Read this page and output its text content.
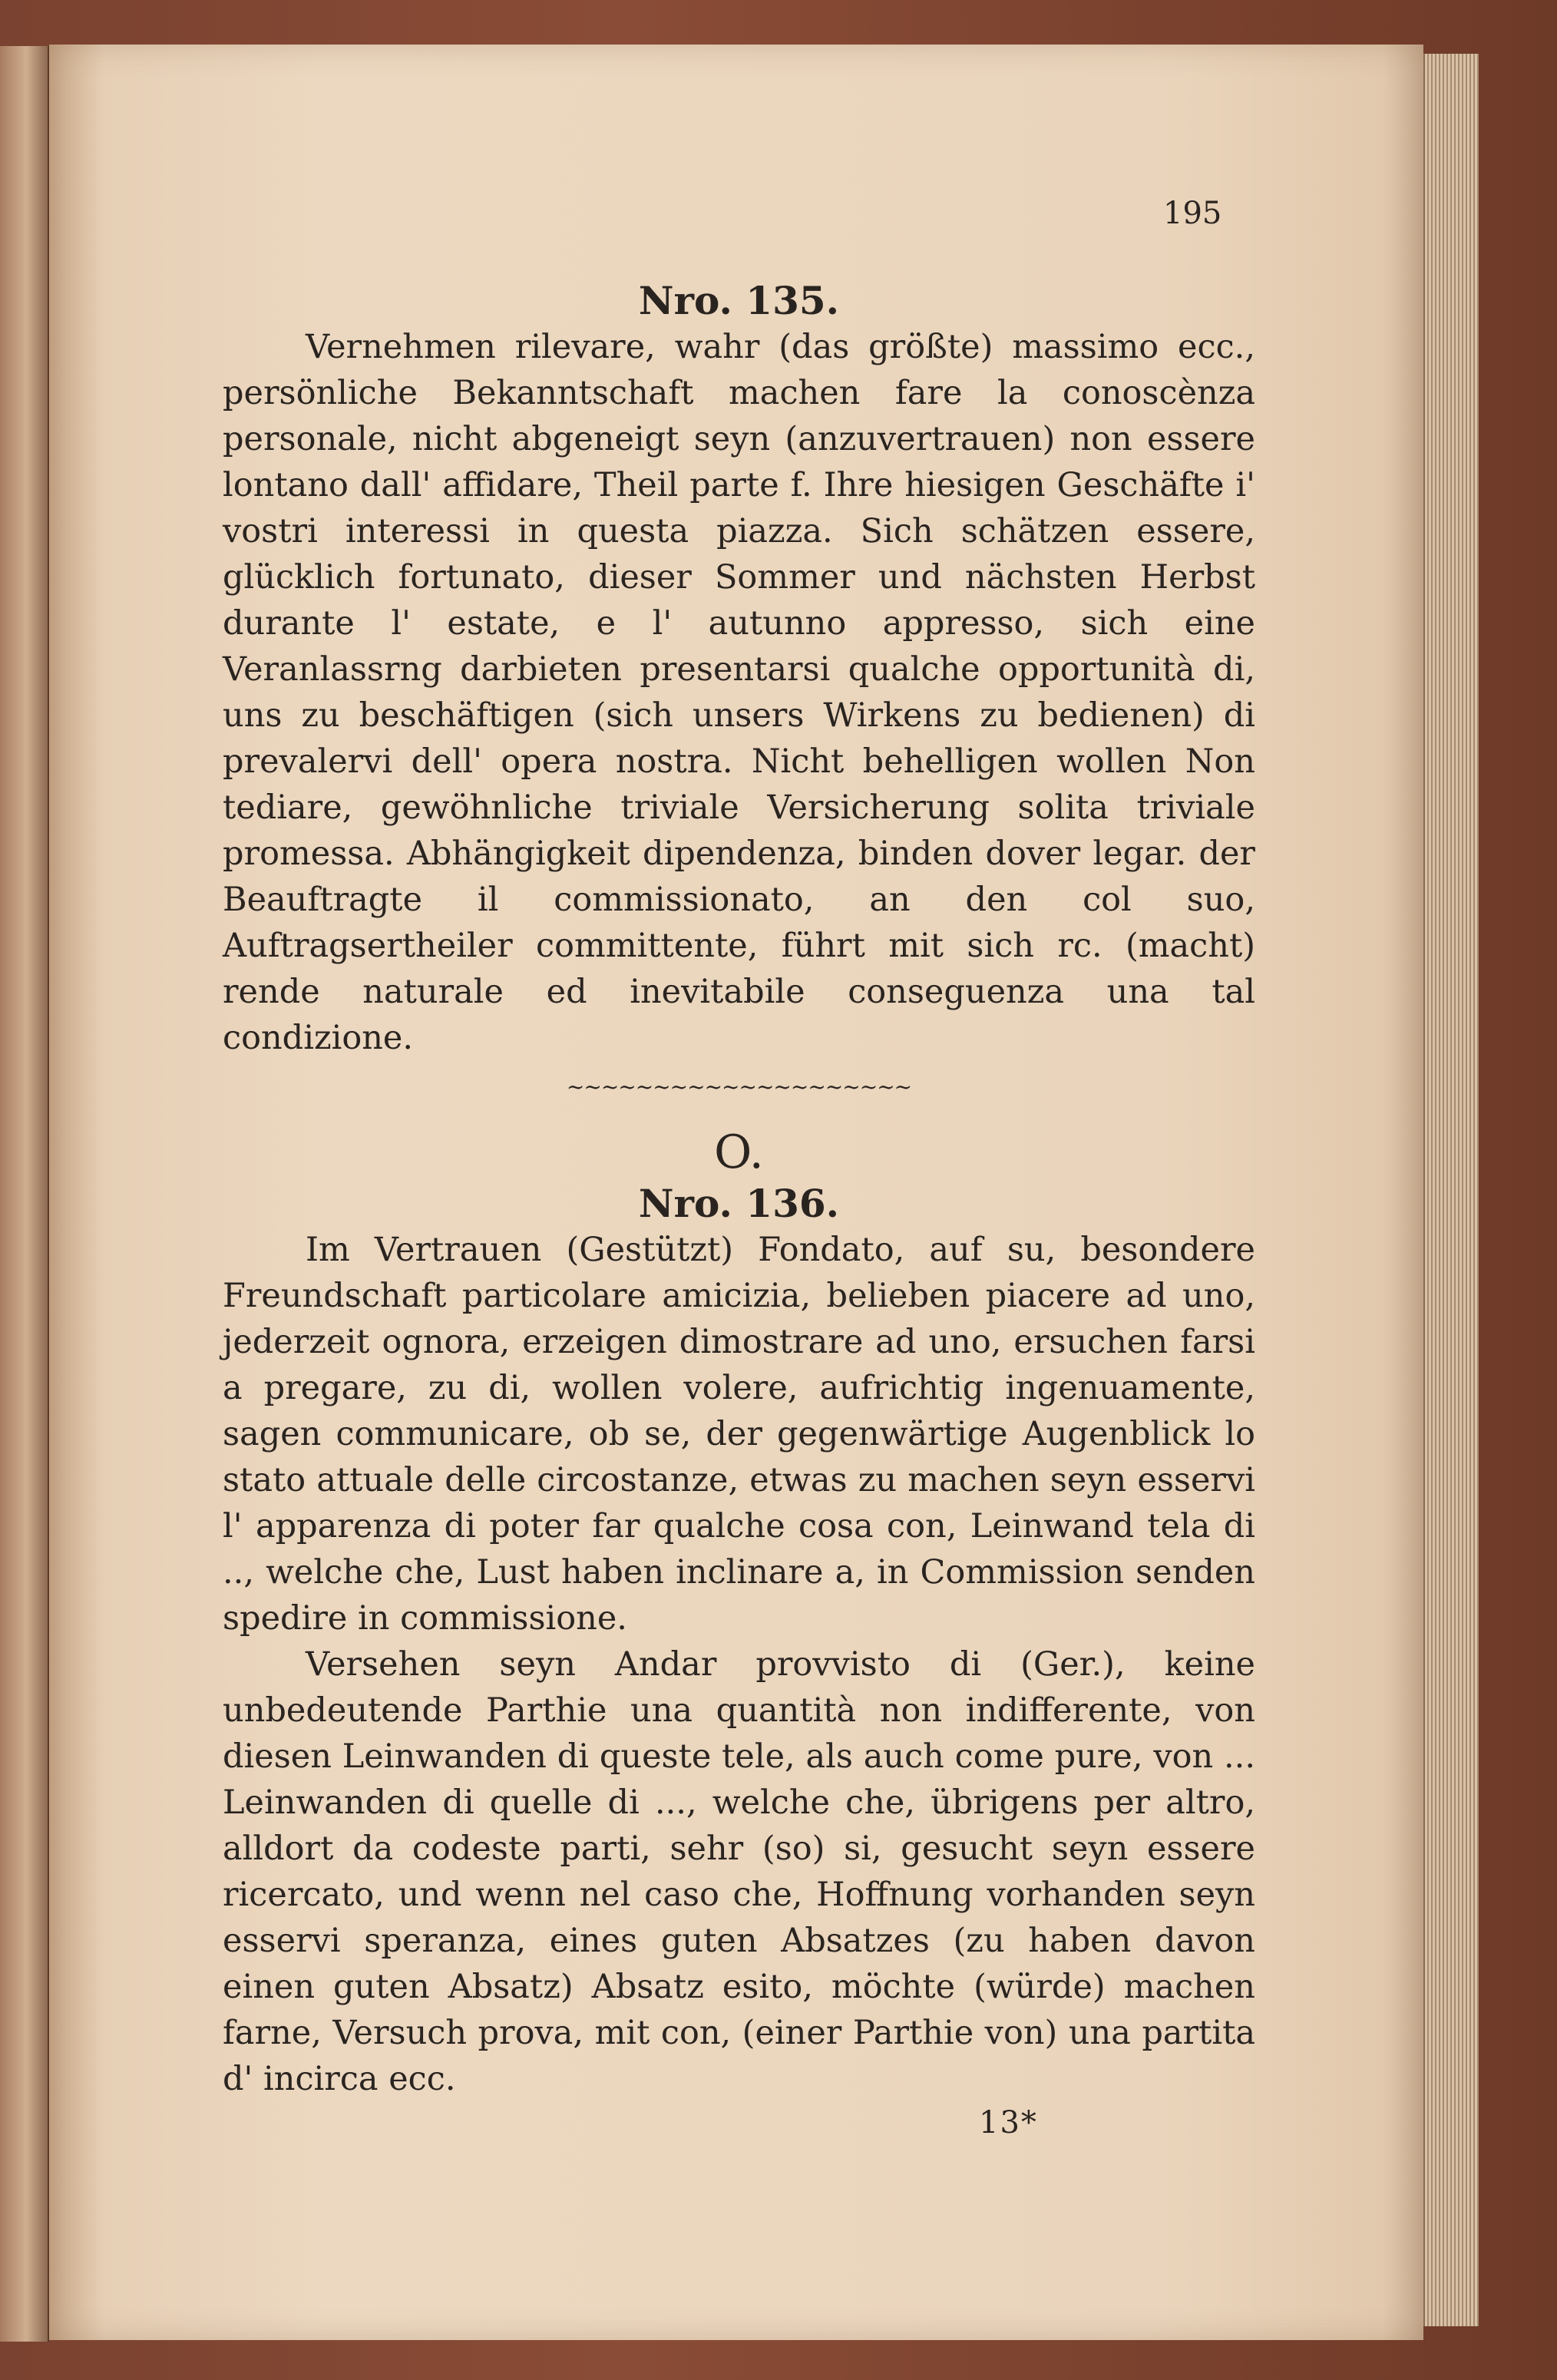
195
Nro. 135.

Vernehmen rilevare, wahr (das größte) massimo ecc., persönliche Bekanntschaft machen fare la conoscènza personale, nicht abgeneigt seyn (anzuvertrauen) non essere lontano dall' affidare, Theil parte f. Ihre hiesigen Geschäfte i' vostri interessi in questa piazza. Sich schätzen essere, glücklich fortunato, dieser Sommer und nächsten Herbst durante l' estate, e l' autunno appresso, sich eine Veranlassrng darbieten presentarsi qualche opportunità di, uns zu beschäftigen (sich unsers Wirkens zu bedienen) di prevalervi dell' opera nostra. Nicht behelligen wollen Non tediare, gewöhnliche triviale Versicherung solita triviale promessa. Abhängigkeit dipendenza, binden dover legar. der Beauftragte il commissionato, an den col suo, Auftragsertheiler committente, führt mit sich rc. (macht) rende naturale ed inevitabile conseguenza una tal condizione.

~~~~~~~~~~~~~~~~~~~~
O.
Nro. 136.

Im Vertrauen (Gestützt) Fondato, auf su, besondere Freundschaft particolare amicizia, belieben piacere ad uno, jederzeit ognora, erzeigen dimostrare ad uno, ersuchen farsi a pregare, zu di, wollen volere, aufrichtig ingenuamente, sagen communicare, ob se, der gegenwärtige Augenblick lo stato attuale delle circostanze, etwas zu machen seyn esservi l' apparenza di poter far qualche cosa con, Leinwand tela di .., welche che, Lust haben inclinare a, in Commission senden spedire in commissione.

Versehen seyn Andar provvisto di (Ger.), keine unbedeutende Parthie una quantità non indifferente, von diesen Leinwanden di queste tele, als auch come pure, von ... Leinwanden di quelle di ..., welche che, übrigens per altro, alldort da codeste parti, sehr (so) si, gesucht seyn essere ricercato, und wenn nel caso che, Hoffnung vorhanden seyn esservi speranza, eines guten Absatzes (zu haben davon einen guten Absatz) Absatz esito, möchte (würde) machen farne, Versuch prova, mit con, (einer Parthie von) una partita d' incirca ecc.

13*
